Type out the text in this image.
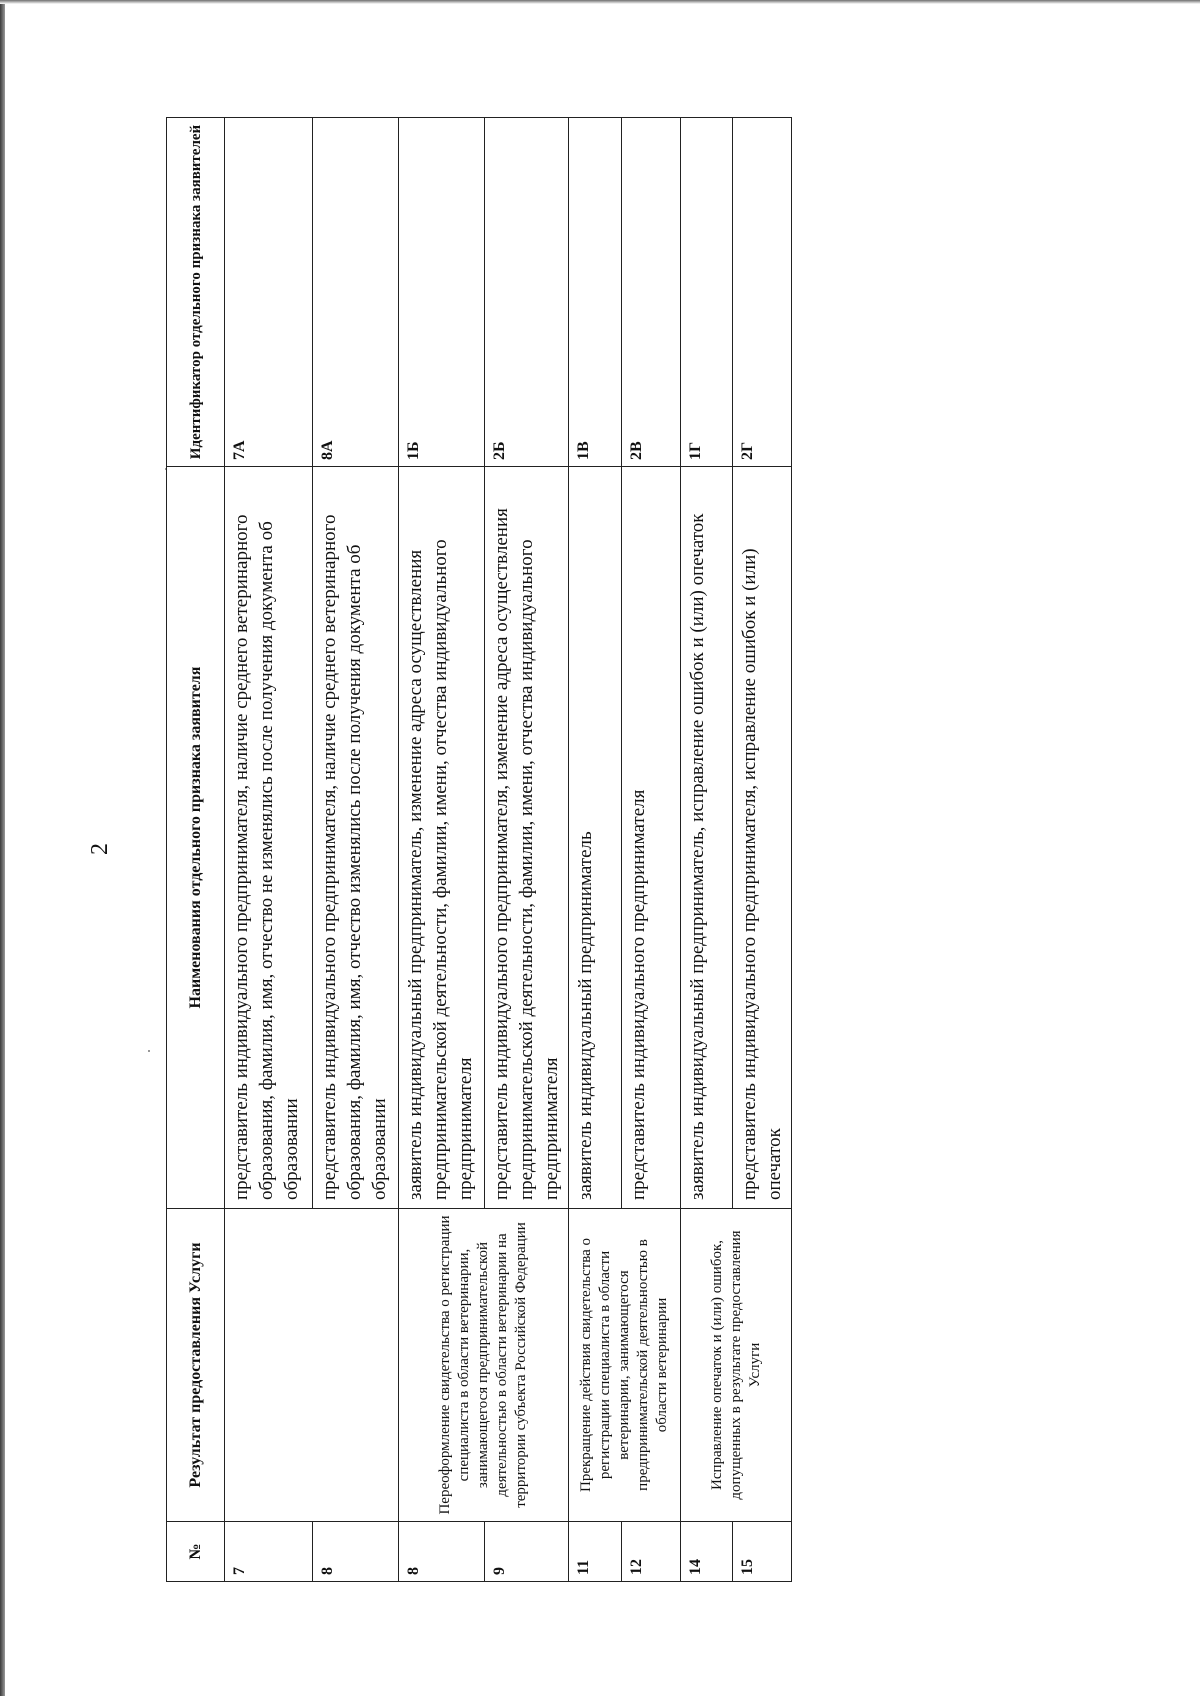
2
№	Результат предоставления Услуги	Наименования отдельного признака заявителя	Идентификатор отдельного признака заявителей
7		представитель индивидуального предпринимателя, наличие среднего ветеринарного образования, фамилия, имя, отчество не изменялись после получения документа об образовании	7А
8		представитель индивидуального предпринимателя, наличие среднего ветеринарного образования, фамилия, имя, отчество изменялись после получения документа об образовании	8А
8	Переоформление свидетельства о регистрации специалиста в области ветеринарии, занимающегося предпринимательской деятельностью в области ветеринарии на территории субъекта Российской Федерации	заявитель индивидуальный предприниматель, изменение адреса осуществления предпринимательской деятельности, фамилии, имени, отчества индивидуального предпринимателя	1Б
9		представитель индивидуального предпринимателя, изменение адреса осуществления предпринимательской деятельности, фамилии, имени, отчества индивидуального предпринимателя	2Б
11	Прекращение действия свидетельства о регистрации специалиста в области ветеринарии, занимающегося предпринимательской деятельностью в области ветеринарии	заявитель индивидуальный предприниматель	1В
12		представитель индивидуального предпринимателя	2В
14	Исправление опечаток и (или) ошибок, допущенных в результате предоставления Услуги	заявитель индивидуальный предприниматель, исправление ошибок и (или) опечаток	1Г
15		представитель индивидуального предпринимателя, исправление ошибок и (или) опечаток	2Г
